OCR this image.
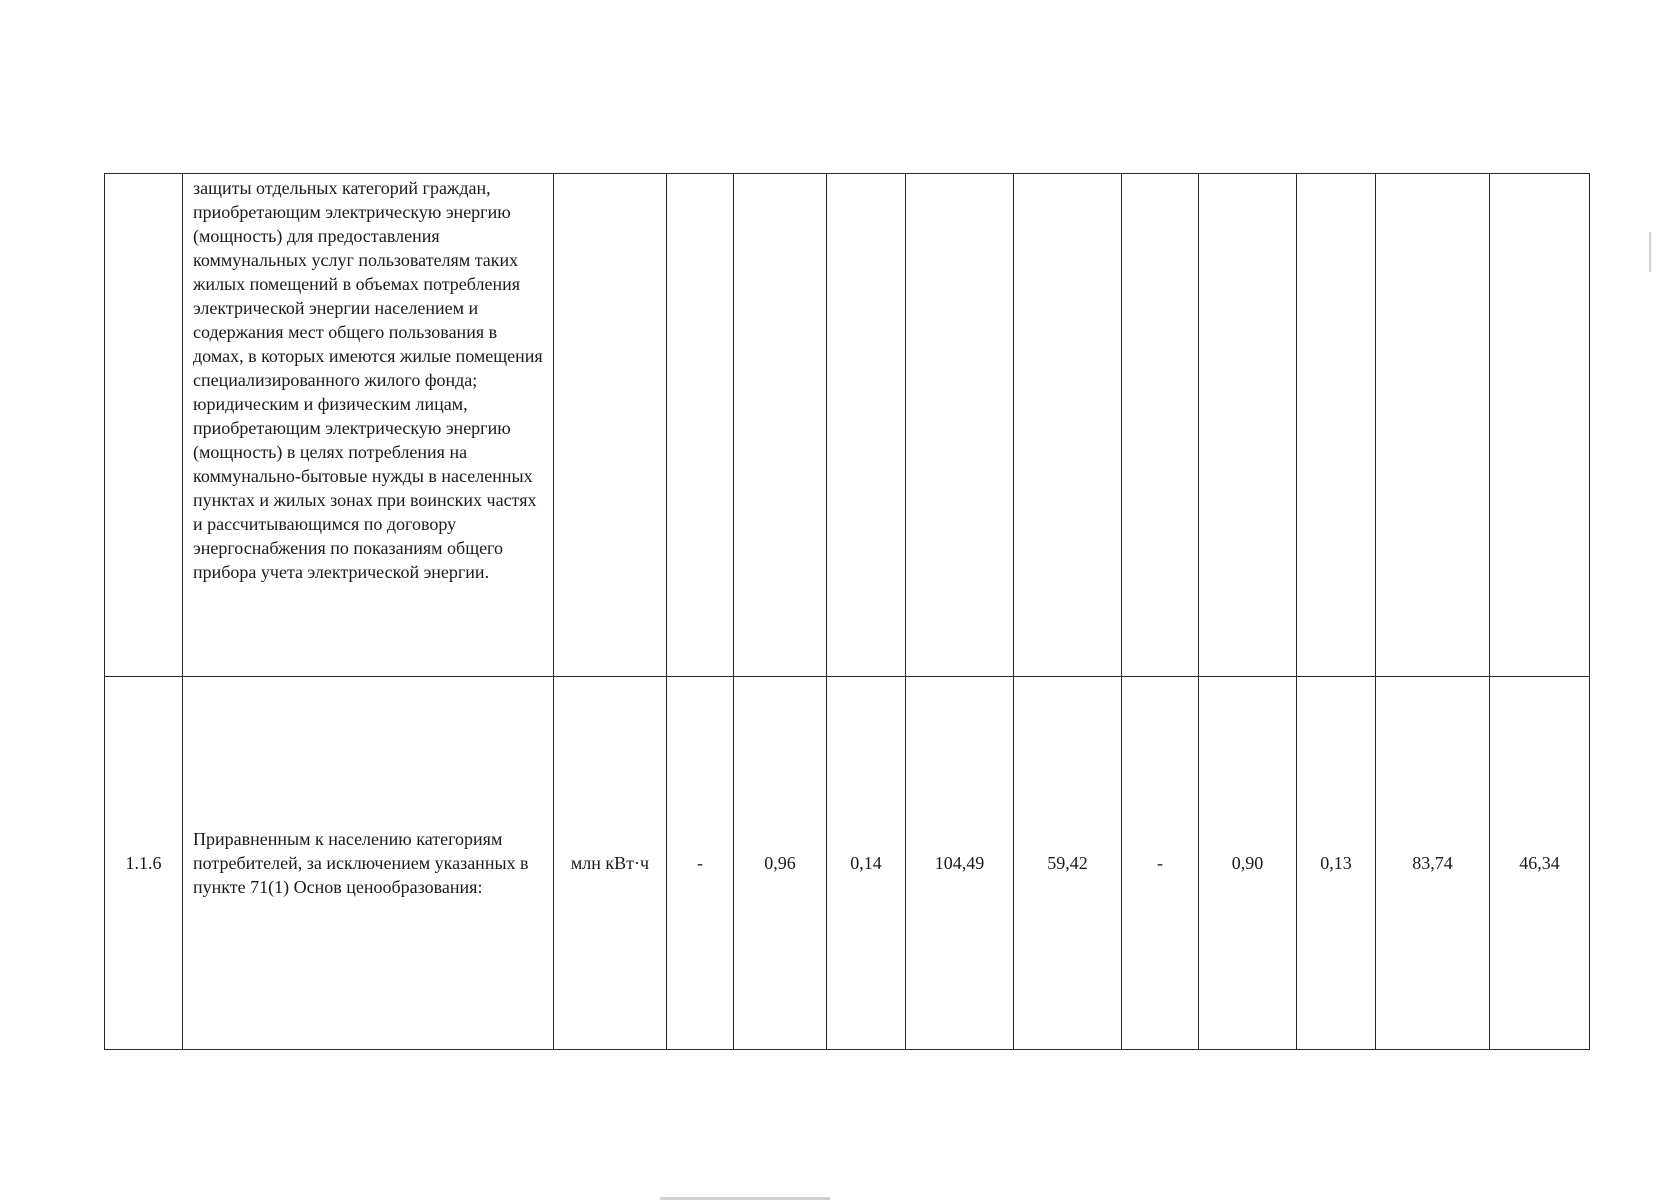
	защиты отдельных категорий граждан, приобретающим электрическую энергию (мощность) для предоставления коммунальных услуг пользователям таких жилых помещений в объемах потребления электрической энергии населением и содержания мест общего пользования в домах, в которых имеются жилые помещения специализированного жилого фонда; юридическим и физическим лицам, приобретающим электрическую энергию (мощность) в целях потребления на коммунально-бытовые нужды в населенных пунктах и жилых зонах при воинских частях и рассчитывающимся по договору энергоснабжения по показаниям общего прибора учета электрической энергии.											
1.1.6	Приравненным к населению категориям потребителей, за исключением указанных в пункте 71(1) Основ ценообразования:	млн кВт·ч	-	0,96	0,14	104,49	59,42	-	0,90	0,13	83,74	46,34
